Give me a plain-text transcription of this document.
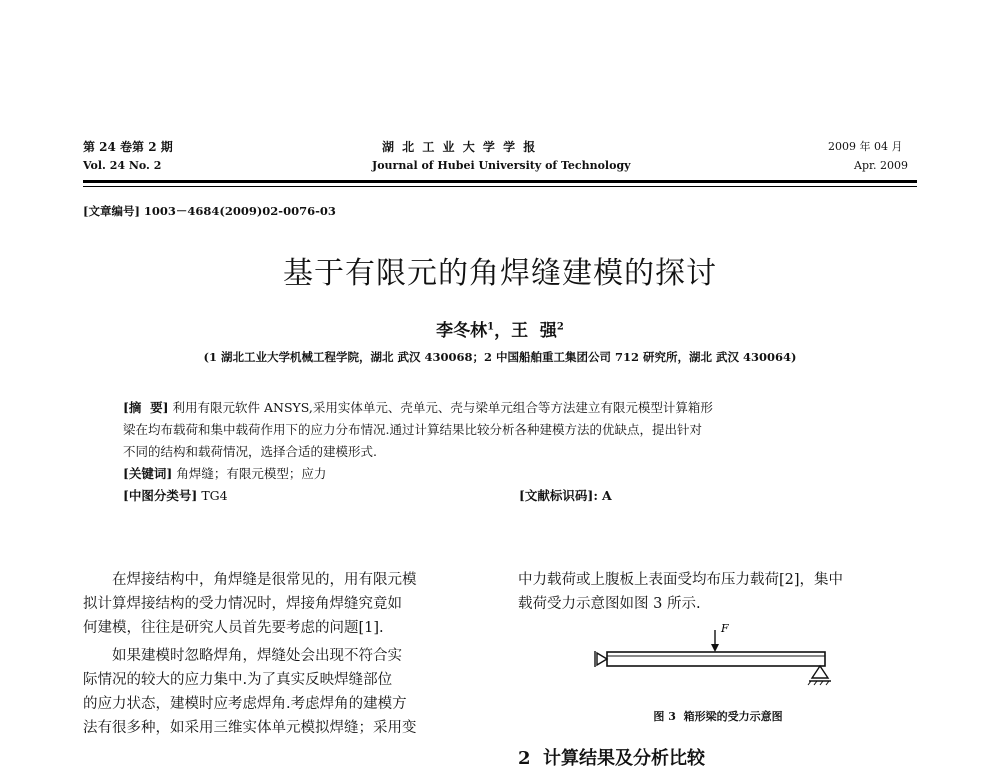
第 24 卷第 2 期
Vol. 24 No. 2
湖 北 工 业 大 学 学 报
Journal of Hubei University of Technology
2009 年 04 月
Apr. 2009
[文章编号] 1003－4684(2009)02-0076-03
基于有限元的角焊缝建模的探讨
李冬林$^1$，王  强$^2$
(1 湖北工业大学机械工程学院，湖北 武汉 430068；2 中国船舶重工集团公司 712 研究所，湖北 武汉 430064)
[摘  要] 利用有限元软件 ANSYS,采用实体单元、壳单元、壳与梁单元组合等方法建立有限元模型计算箱形
梁在均布载荷和集中载荷作用下的应力分布情况.通过计算结果比较分析各种建模方法的优缺点，提出针对
不同的结构和载荷情况，选择合适的建模形式.
[关键词] 角焊缝；有限元模型；应力
[中图分类号] TG4	[文献标识码]: A
在焊接结构中，角焊缝是很常见的，用有限元模
拟计算焊接结构的受力情况时，焊接角焊缝究竟如
何建模，往往是研究人员首先要考虑的问题[1].
如果建模时忽略焊角，焊缝处会出现不符合实
际情况的较大的应力集中.为了真实反映焊缝部位
的应力状态，建模时应考虑焊角.考虑焊角的建模方
法有很多种，如采用三维实体单元模拟焊缝；采用变
中力载荷或上腹板上表面受均布压力载荷[2]，集中
载荷受力示意图如图 3 所示.
F
图 3  箱形梁的受力示意图
2  计算结果及分析比较
